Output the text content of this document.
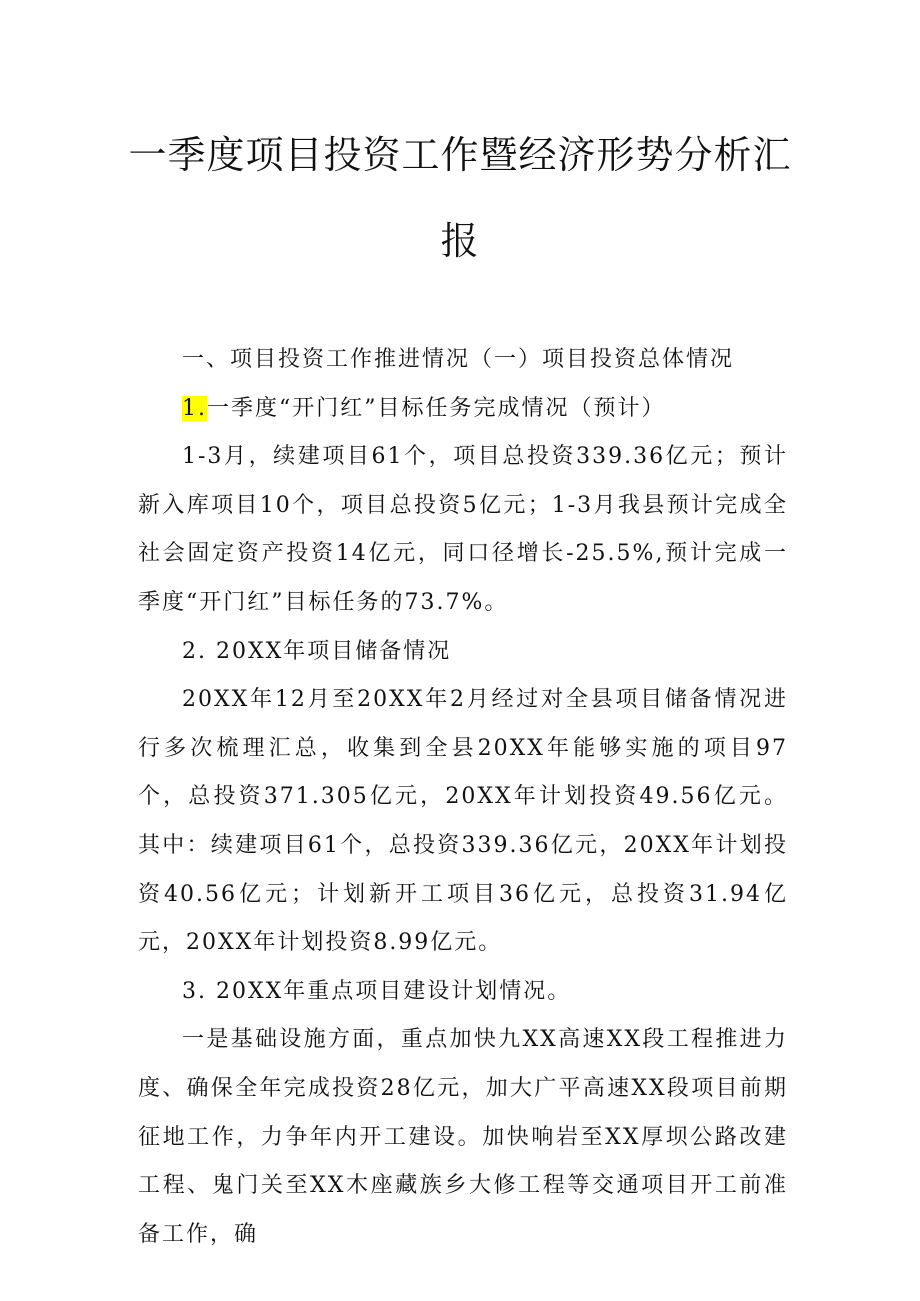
一季度项目投资工作暨经济形势分析汇
报

一、项目投资工作推进情况（一）项目投资总体情况

1.一季度“开门红”目标任务完成情况（预计）

1-3月，续建项目61个，项目总投资339.36亿元；预计新入库项目10个，项目总投资5亿元；1-3月我县预计完成全社会固定资产投资14亿元，同口径增长-25.5%,预计完成一季度“开门红”目标任务的73.7%。

2. 20XX年项目储备情况

20XX年12月至20XX年2月经过对全县项目储备情况进行多次梳理汇总，收集到全县20XX年能够实施的项目97个，总投资371.305亿元，20XX年计划投资49.56亿元。其中：续建项目61个，总投资339.36亿元，20XX年计划投资40.56亿元；计划新开工项目36亿元，总投资31.94亿元，20XX年计划投资8.99亿元。

3. 20XX年重点项目建设计划情况。

一是基础设施方面，重点加快九XX高速XX段工程推进力度、确保全年完成投资28亿元，加大广平高速XX段项目前期征地工作，力争年内开工建设。加快响岩至XX厚坝公路改建工程、鬼门关至XX木座藏族乡大修工程等交通项目开工前准备工作，确
